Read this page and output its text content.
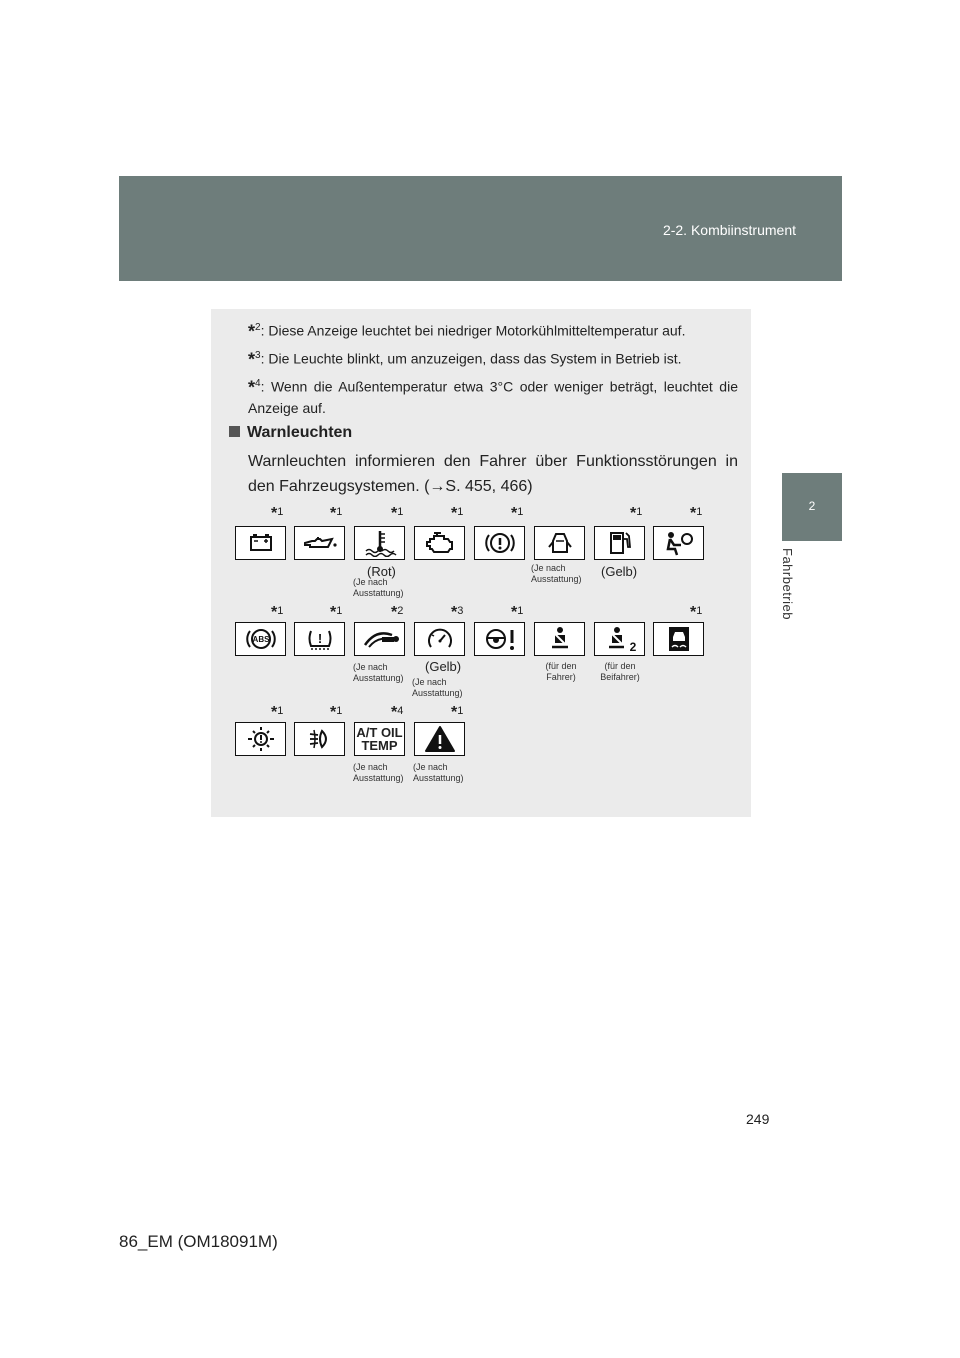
2-2. Kombiinstrument
2
Fahrbetrieb
*$^2$: Diese Anzeige leuchtet bei niedriger Motorkühlmitteltemperatur auf.
*$^3$: Die Leuchte blinkt, um anzuzeigen, dass das System in Betrieb ist.
*$^4$: Wenn die Außentemperatur etwa 3°C oder weniger beträgt, leuchtet die Anzeige auf.
Warnleuchten
Warnleuchten informieren den Fahrer über Funktionsstörungen in den Fahrzeugsystemen. (→S. 455, 466)
*1	*1	*1
(Rot)
(Je nach Ausstattung)
*1	*1
(Je nach Ausstattung)
*1
(Gelb)
*1
*1
ABS
*1
!
*2
(Je nach Ausstattung)
*3
(Gelb)
(Je nach Ausstattung)
*1
(für den Fahrer)
2
(für den Beifahrer)
*1
*1	*1	*4
A/T OIL
TEMP
(Je nach Ausstattung)
*1
(Je nach Ausstattung)
249
86_EM (OM18091M)
